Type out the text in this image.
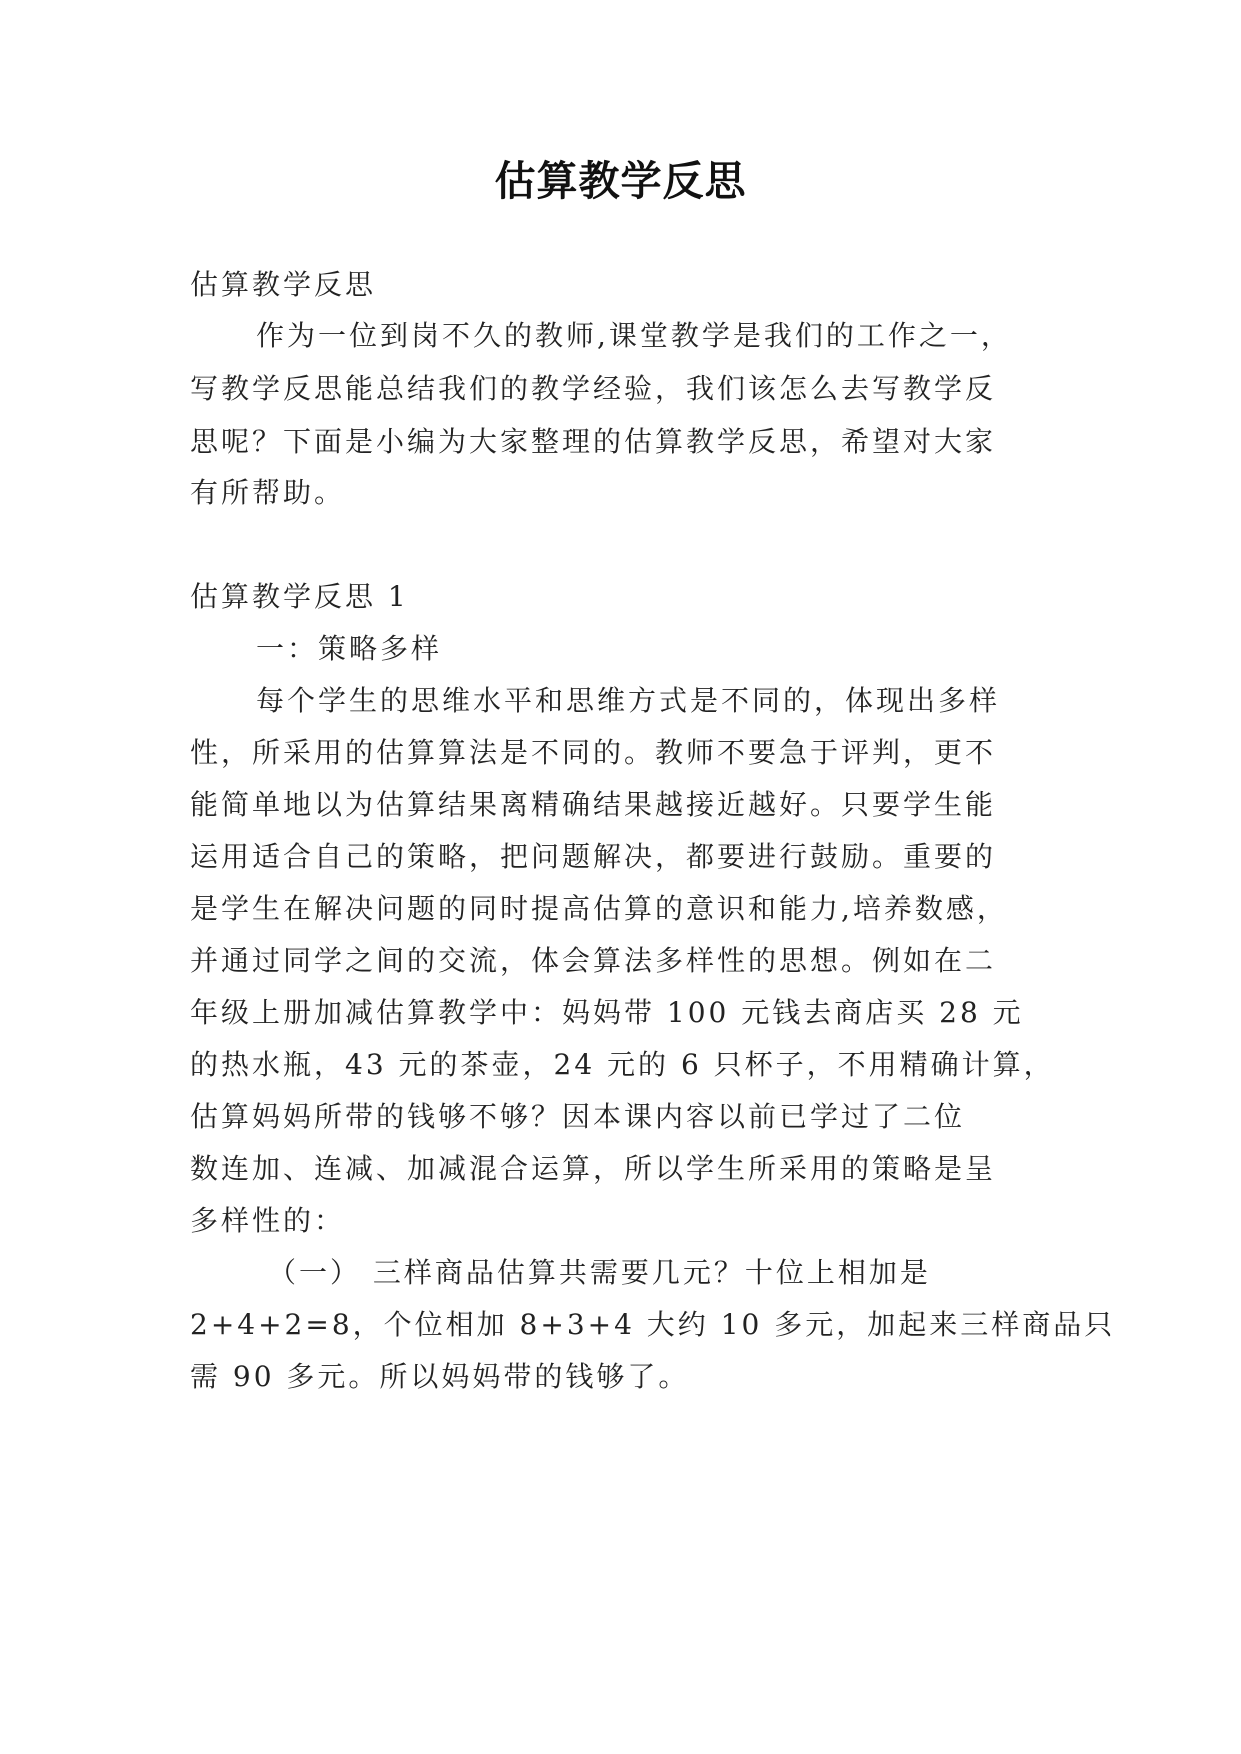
估算教学反思
估算教学反思
作为一位到岗不久的教师,课堂教学是我们的工作之一，
写教学反思能总结我们的教学经验，我们该怎么去写教学反
思呢？下面是小编为大家整理的估算教学反思，希望对大家
有所帮助。
估算教学反思 1
一：策略多样
每个学生的思维水平和思维方式是不同的，体现出多样
性，所采用的估算算法是不同的。教师不要急于评判，更不
能简单地以为估算结果离精确结果越接近越好。只要学生能
运用适合自己的策略，把问题解决，都要进行鼓励。重要的
是学生在解决问题的同时提高估算的意识和能力,培养数感，
并通过同学之间的交流，体会算法多样性的思想。例如在二
年级上册加减估算教学中：妈妈带 100 元钱去商店买 28 元
的热水瓶，43 元的茶壶，24 元的 6 只杯子，不用精确计算，
估算妈妈所带的钱够不够？因本课内容以前已学过了二位
数连加、连减、加减混合运算，所以学生所采用的策略是呈
多样性的：
（一） 三样商品估算共需要几元？十位上相加是
2+4+2=8，个位相加 8+3+4 大约 10 多元，加起来三样商品只
需 90 多元。所以妈妈带的钱够了。
